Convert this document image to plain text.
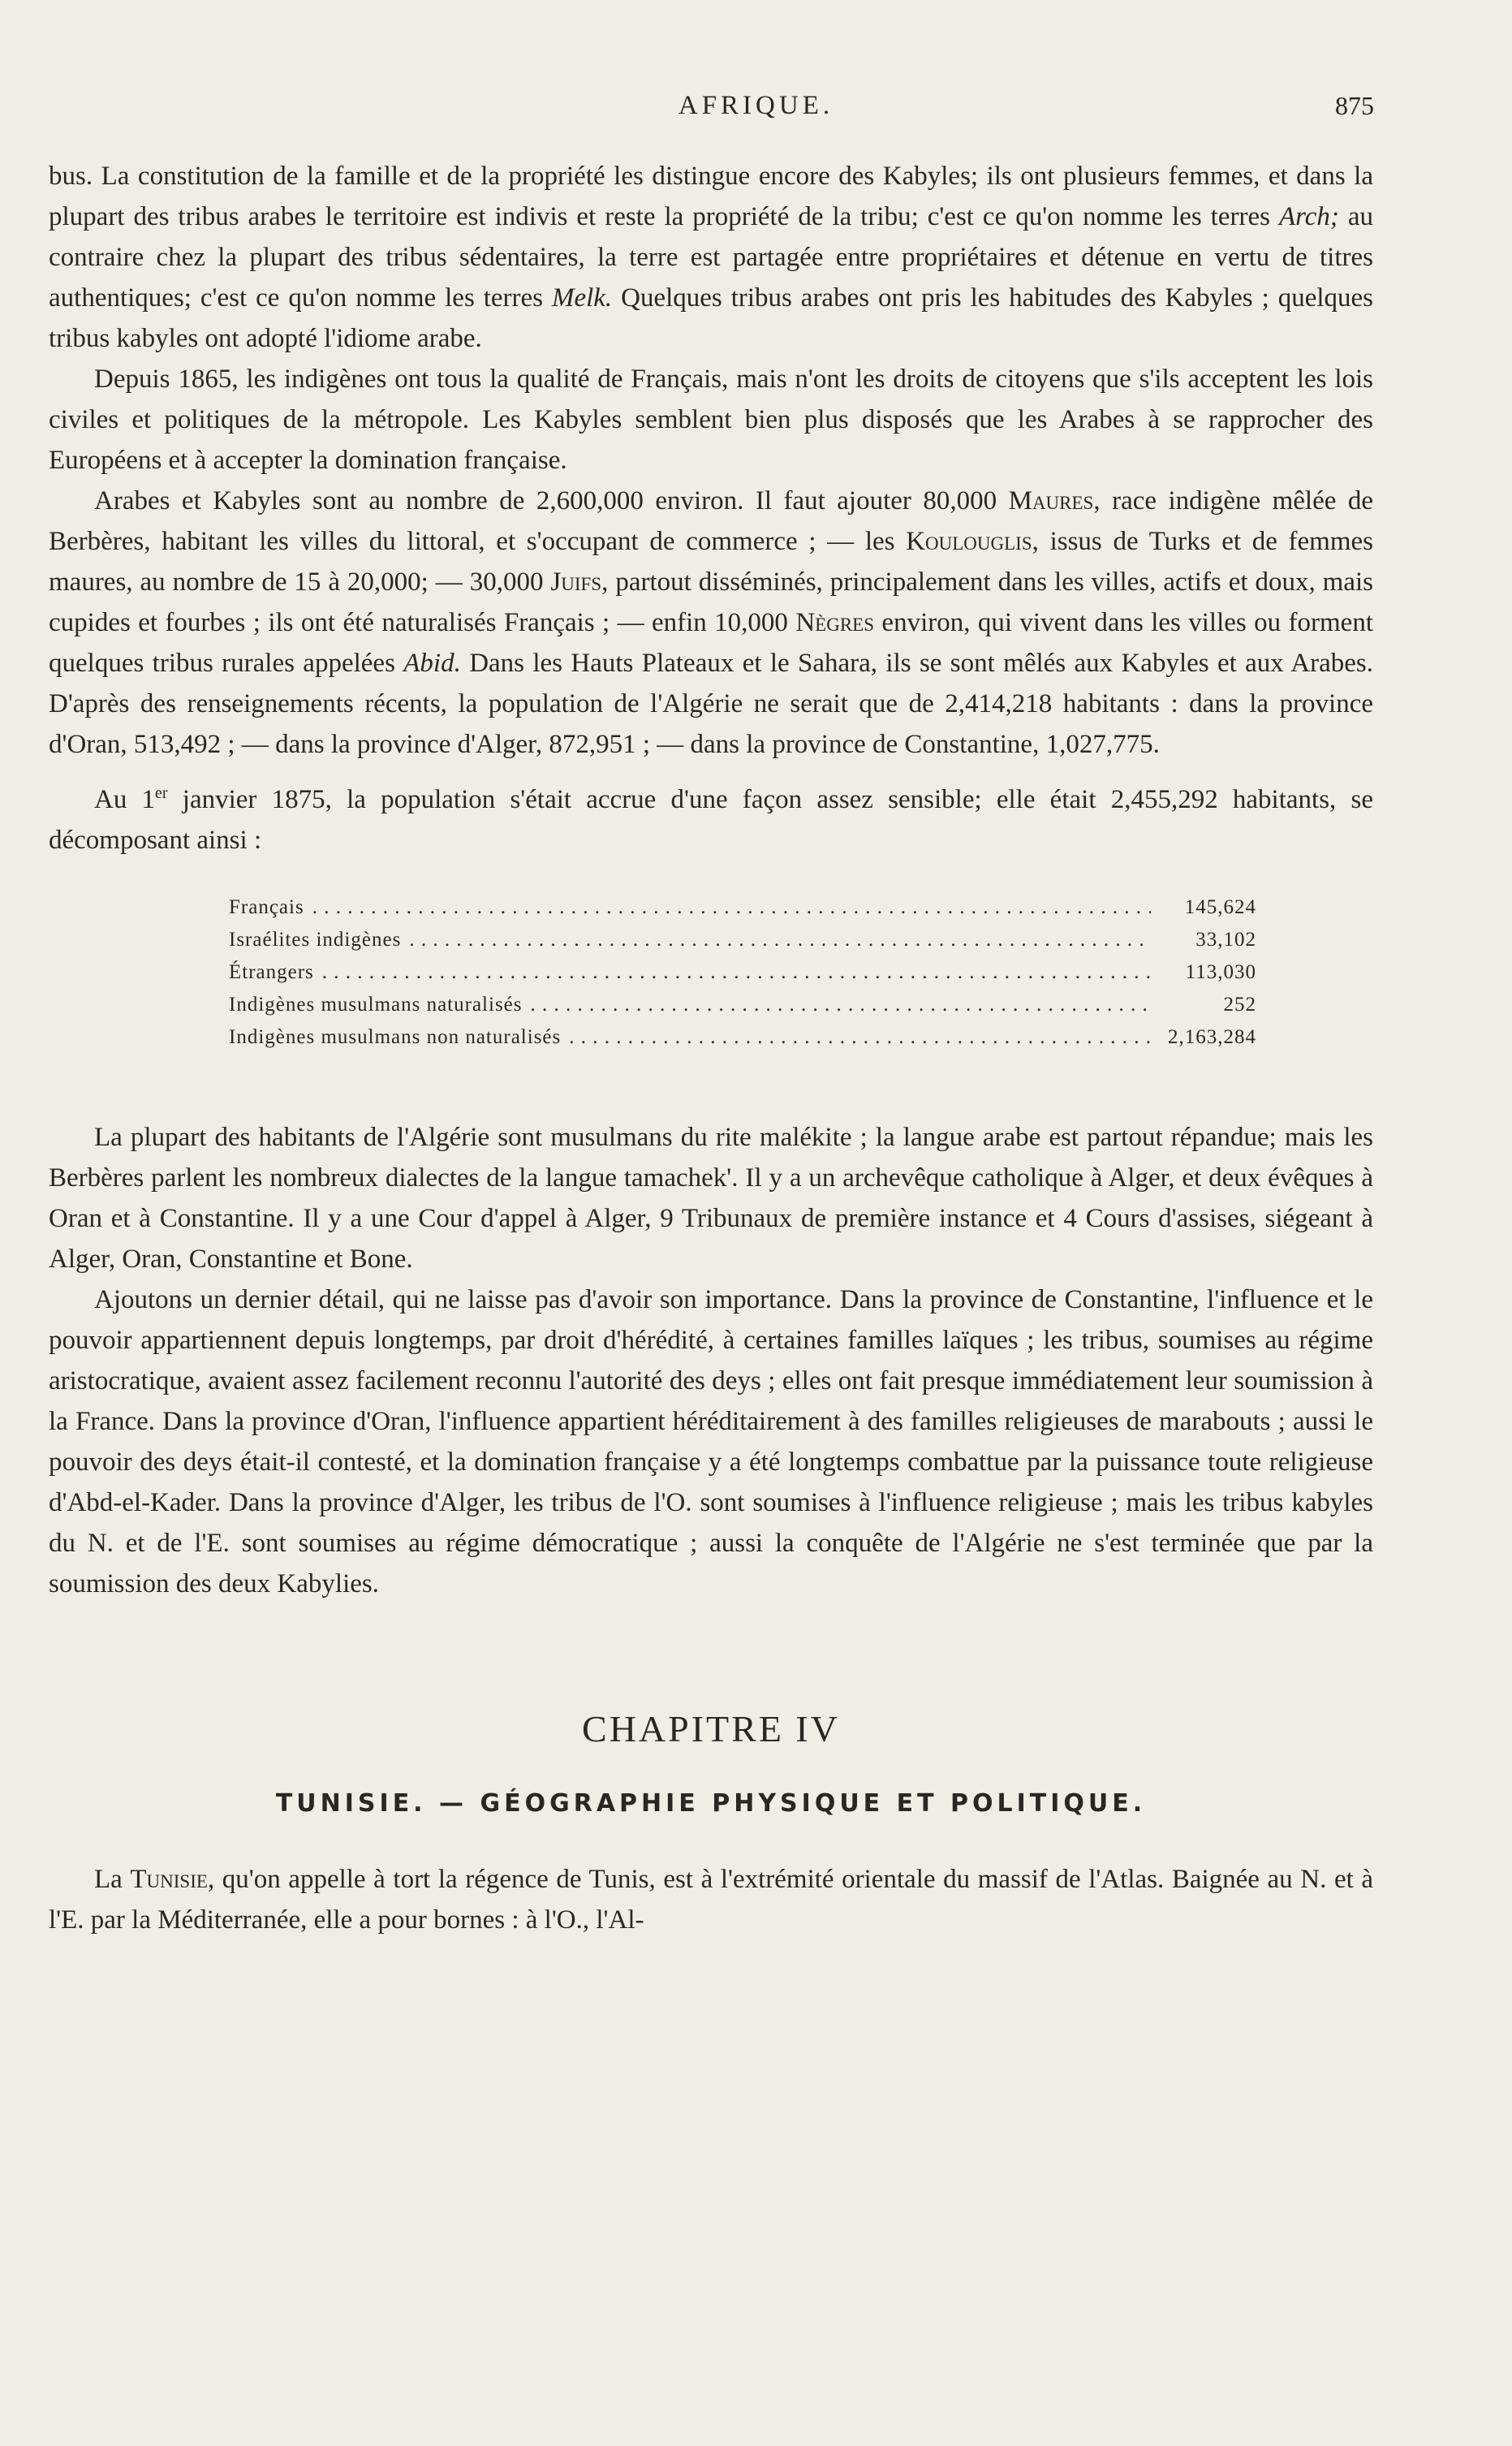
AFRIQUE.	875

bus. La constitution de la famille et de la propriété les distingue encore des Kabyles; ils ont plusieurs femmes, et dans la plupart des tribus arabes le territoire est indivis et reste la propriété de la tribu; c'est ce qu'on nomme les terres Arch; au contraire chez la plupart des tribus sédentaires, la terre est partagée entre propriétaires et détenue en vertu de titres authentiques; c'est ce qu'on nomme les terres Melk. Quelques tribus arabes ont pris les habitudes des Kabyles ; quelques tribus kabyles ont adopté l'idiome arabe.

Depuis 1865, les indigènes ont tous la qualité de Français, mais n'ont les droits de citoyens que s'ils acceptent les lois civiles et politiques de la métropole. Les Kabyles semblent bien plus disposés que les Arabes à se rapprocher des Européens et à accepter la domination française.

Arabes et Kabyles sont au nombre de 2,600,000 environ. Il faut ajouter 80,000 Maures, race indigène mêlée de Berbères, habitant les villes du littoral, et s'occupant de commerce ; — les Koulouglis, issus de Turks et de femmes maures, au nombre de 15 à 20,000; — 30,000 Juifs, partout disséminés, principalement dans les villes, actifs et doux, mais cupides et fourbes ; ils ont été naturalisés Français ; — enfin 10,000 Nègres environ, qui vivent dans les villes ou forment quelques tribus rurales appelées Abid. Dans les Hauts Plateaux et le Sahara, ils se sont mêlés aux Kabyles et aux Arabes. D'après des renseignements récents, la population de l'Algérie ne serait que de 2,414,218 habitants : dans la province d'Oran, 513,492 ; — dans la province d'Alger, 872,951 ; — dans la province de Constantine, 1,027,775.

Au 1er janvier 1875, la population s'était accrue d'une façon assez sensible; elle était 2,455,292 habitants, se décomposant ainsi :

Français . . .	145,624
Israélites indigènes . . .	33,102
Étrangers . . .	113,030
Indigènes musulmans naturalisés . . .	252
Indigènes musulmans non naturalisés . . .	2,163,284

La plupart des habitants de l'Algérie sont musulmans du rite malékite ; la langue arabe est partout répandue; mais les Berbères parlent les nombreux dialectes de la langue tamachek'. Il y a un archevêque catholique à Alger, et deux évêques à Oran et à Constantine. Il y a une Cour d'appel à Alger, 9 Tribunaux de première instance et 4 Cours d'assises, siégeant à Alger, Oran, Constantine et Bone.

Ajoutons un dernier détail, qui ne laisse pas d'avoir son importance. Dans la province de Constantine, l'influence et le pouvoir appartiennent depuis longtemps, par droit d'hérédité, à certaines familles laïques ; les tribus, soumises au régime aristocratique, avaient assez facilement reconnu l'autorité des deys ; elles ont fait presque immédiatement leur soumission à la France. Dans la province d'Oran, l'influence appartient héréditairement à des familles religieuses de marabouts ; aussi le pouvoir des deys était-il contesté, et la domination française y a été longtemps combattue par la puissance toute religieuse d'Abd-el-Kader. Dans la province d'Alger, les tribus de l'O. sont soumises à l'influence religieuse ; mais les tribus kabyles du N. et de l'E. sont soumises au régime démocratique ; aussi la conquête de l'Algérie ne s'est terminée que par la soumission des deux Kabylies.

CHAPITRE IV

TUNISIE. — GÉOGRAPHIE PHYSIQUE ET POLITIQUE.

La Tunisie, qu'on appelle à tort la régence de Tunis, est à l'extrémité orientale du massif de l'Atlas. Baignée au N. et à l'E. par la Méditerranée, elle a pour bornes : à l'O., l'Al-
